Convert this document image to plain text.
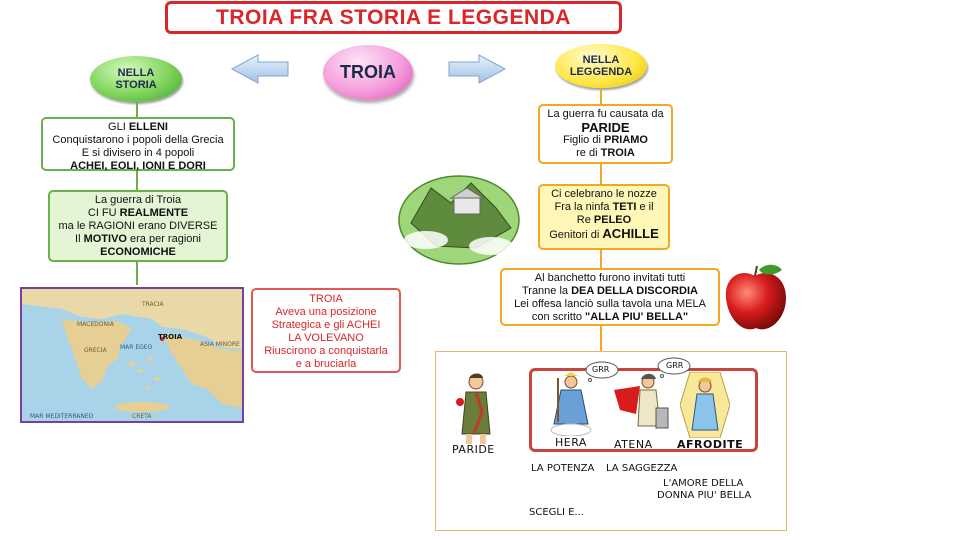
TROIA FRA STORIA E LEGGENDA
NELLA
STORIA
TROIA
NELLA
LEGGENDA
GLI ELLENI
Conquistarono i popoli della Grecia
E si divisero in 4 popoli
ACHEI, EOLI, IONI E DORI
La guerra di Troia
CI FU REALMENTE
ma le RAGIONI erano DIVERSE
Il MOTIVO era per ragioni
ECONOMICHE
TROIA
MAR EGEO
MAR MEDITERRANEO
MACEDONIA
TRACIA
GRECIA
ASIA MINORE
CRETA
TROIA
Aveva una posizione
Strategica e gli ACHEI
LA VOLEVANO
Riuscirono a conquistarla
e a bruciarla
La guerra fu causata da
PARIDE
Figlio di PRIAMO
re di TROIA
Ci celebrano le nozze
Fra la ninfa TETI e il
Re PELEO
Genitori di ACHILLE
Al banchetto furono invitati tutti
Tranne la DEA DELLA DISCORDIA
Lei offesa lanciò sulla tavola una MELA
con scritto "ALLA PIU' BELLA"
PARIDE
GRR	GRR
HERA ATENA AFRODITE
LA POTENZA LA SAGGEZZA
L'AMORE DELLA
DONNA PIU' BELLA
SCEGLI E...
